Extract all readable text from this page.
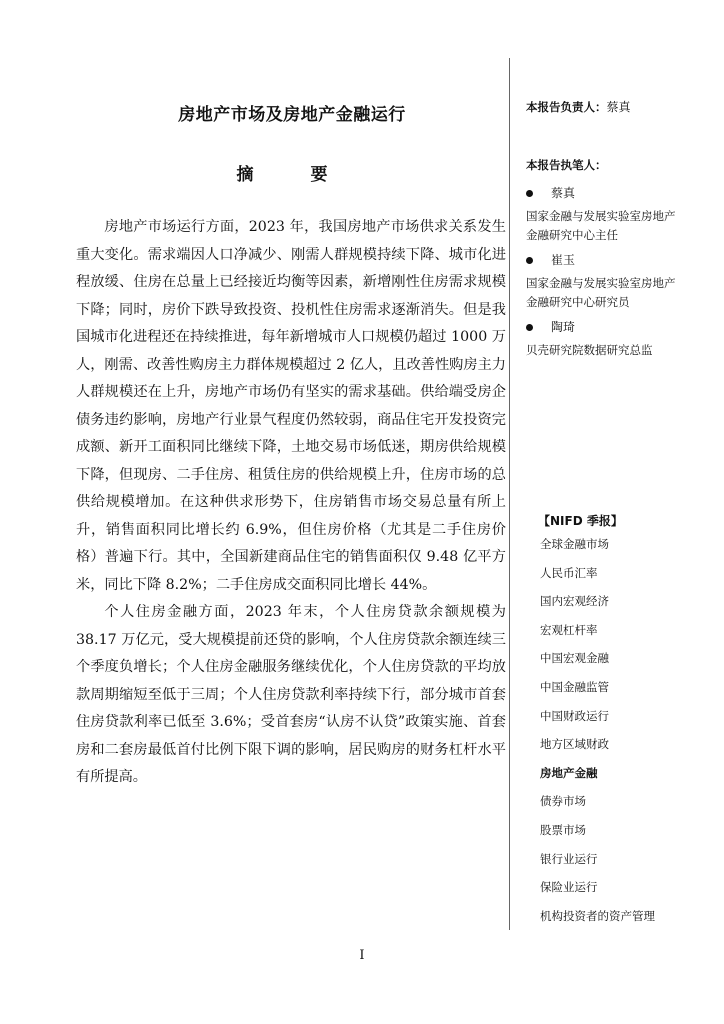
房地产市场及房地产金融运行
摘　要

房地产市场运行方面，2023 年，我国房地产市场供求关系发生重大变化。需求端因人口净减少、刚需人群规模持续下降、城市化进程放缓、住房在总量上已经接近均衡等因素，新增刚性住房需求规模下降；同时，房价下跌导致投资、投机性住房需求逐渐消失。但是我国城市化进程还在持续推进，每年新增城市人口规模仍超过 1000 万人，刚需、改善性购房主力群体规模超过 2 亿人，且改善性购房主力人群规模还在上升，房地产市场仍有坚实的需求基础。供给端受房企债务违约影响，房地产行业景气程度仍然较弱，商品住宅开发投资完成额、新开工面积同比继续下降，土地交易市场低迷，期房供给规模下降，但现房、二手住房、租赁住房的供给规模上升，住房市场的总供给规模增加。在这种供求形势下，住房销售市场交易总量有所上升，销售面积同比增长约 6.9%，但住房价格（尤其是二手住房价格）普遍下行。其中，全国新建商品住宅的销售面积仅 9.48 亿平方米，同比下降 8.2%；二手住房成交面积同比增长 44%。

个人住房金融方面，2023 年末，个人住房贷款余额规模为 38.17 万亿元，受大规模提前还贷的影响，个人住房贷款余额连续三个季度负增长；个人住房金融服务继续优化，个人住房贷款的平均放款周期缩短至低于三周；个人住房贷款利率持续下行，部分城市首套住房贷款利率已低至 3.6%；受首套房“认房不认贷”政策实施、首套房和二套房最低首付比例下限下调的影响，居民购房的财务杠杆水平有所提高。

I
本报告负责人：蔡真
本报告执笔人：
蔡真
国家金融与发展实验室房地产金融研究中心主任
崔玉
国家金融与发展实验室房地产金融研究中心研究员
陶琦
贝壳研究院数据研究总监
【NIFD 季报】
全球金融市场
人民币汇率
国内宏观经济
宏观杠杆率
中国宏观金融
中国金融监管
中国财政运行
地方区域财政
房地产金融
债券市场
股票市场
银行业运行
保险业运行
机构投资者的资产管理
